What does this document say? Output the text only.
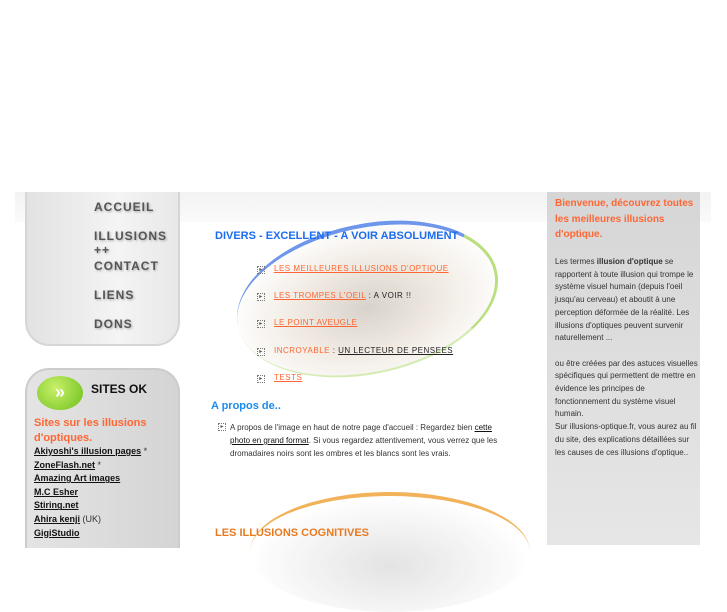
ACCUEIL
ILLUSIONS ++
CONTACT
LIENS
DONS
»	SITES OK
Sites sur les illusions d'optiques.
Akiyoshi's illusion pages *
ZoneFlash.net *
Amazing Art images
M.C Esher
Stiring.net
Ahira kenji (UK)
GigiStudio
DIVERS - EXCELLENT - A VOIR ABSOLUMENT
▸ LES MEILLEURES ILLUSIONS D'OPTIQUE
▸ LES TROMPES L'OEIL : A VOIR !!
▸ LE POINT AVEUGLE
▸ INCROYABLE : UN LECTEUR DE PENSEES
▸ TESTS
A propos de..
▸ A propos de l'image en haut de notre page d'accueil : Regardez bien cette photo en grand format. Si vous regardez attentivement, vous verrez que les dromadaires noirs sont les ombres et les blancs sont les vrais.

LES ILLUSIONS COGNITIVES
Bienvenue, découvrez toutes les meilleures illusions d'optique.
Les termes illusion d'optique se rapportent à toute illusion qui trompe le système visuel humain (depuis l'oeil jusqu'au cerveau) et aboutit à une perception déformée de la réalité. Les illusions d'optiques peuvent survenir naturellement ...

ou être créées par des astuces visuelles spécifiques qui permettent de mettre en évidence les principes de fonctionnement du système visuel humain.
Sur illusions-optique.fr, vous aurez au fil du site, des explications détaillées sur les causes de ces illusions d'optique..
